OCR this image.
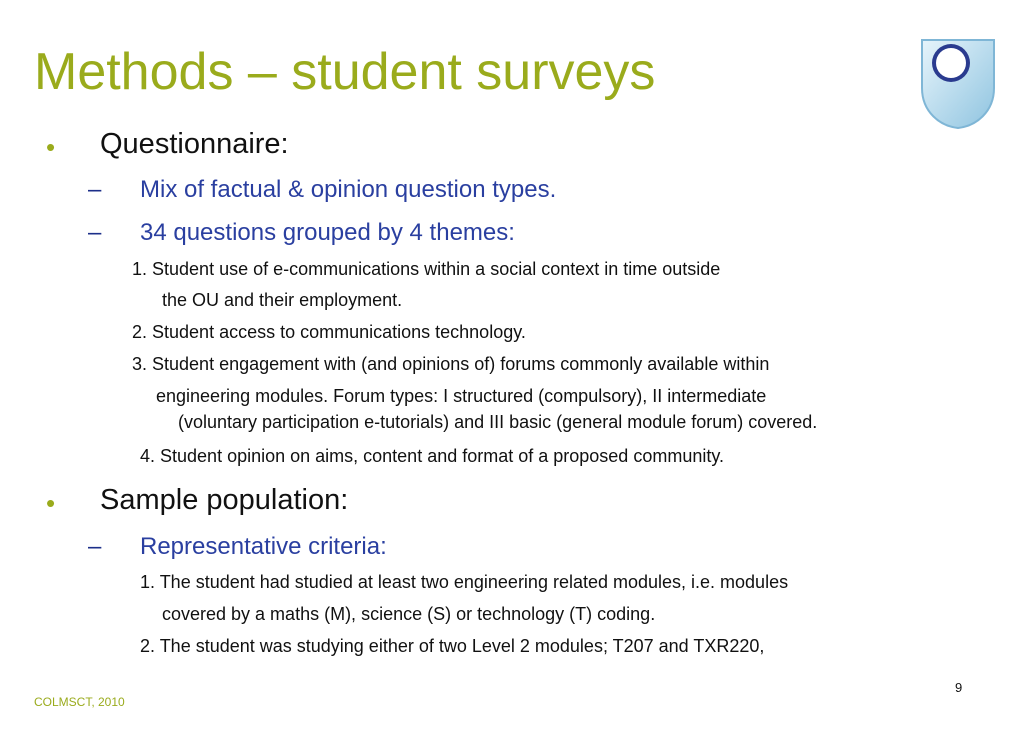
Methods – student surveys
• Questionnaire:
– Mix of factual & opinion question types.
– 34 questions grouped by 4 themes:
1. Student use of e-communications within a social context in time outside
the OU and their employment.
2. Student access to communications technology.
3. Student engagement with (and opinions of) forums commonly available within
engineering modules. Forum types: I structured (compulsory), II intermediate
(voluntary participation e-tutorials) and III basic (general module forum) covered.
4. Student opinion on aims, content and format of a proposed community.
• Sample population:
– Representative criteria:
1. The student had studied at least two engineering related modules, i.e. modules
covered by a maths (M), science (S) or technology (T) coding.
2. The student was studying either of two Level 2 modules; T207 and TXR220,
COLMSCT, 2010
9
